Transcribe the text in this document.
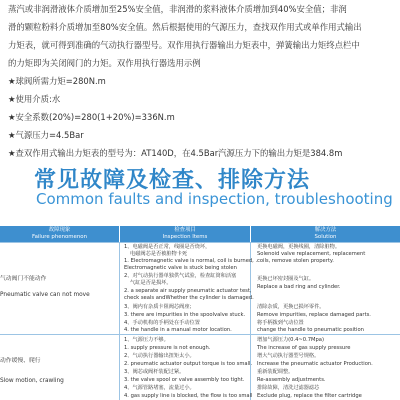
蒸汽或非润滑液体介质增加至25%安全值，非润滑的浆料液体介质增加到40%安全值；非润
滑的颗粒粉料介质增加至80%安全值。然后根据使用的气源压力，查找双作用式或单作用式输出
力矩表，就可得到准确的气动执行器型号。双作用执行器输出力矩表中，弹簧输出力矩终点栏中
的力矩即为关闭阀门的力矩。双作用执行器选用示例
★球阀所需力矩=280N.m
★使用介质:水
★安全系数(20%)=280(1+20%)=336N.m
★气源压力=4.5Bar
★查双作用式输出力矩表的型号为：AT140D，在4.5Bar汽源压力下的输出力矩是384.8m
常见故障及检查、排除方法
Common faults and inspection, troubleshooting
故障现象
Failure phenomenon
检查项目
Inspection Items
解决方法
Solution
气动阀门不能动作
Pneumatic valve can not move
1、电磁阀是否正常，线圈是否烧坏，
电磁阀芯是否被脏物卡死
1. Electromagnetic valve is normal, coil is burned, .
Electromagnetic valve is stuck being stolen
2、对气动执行器单独供气试验，检查缸筒和活塞
气缸是否是损坏。
2. a separate air supply pneumatic actuator test,
check seals andWhether the cylinder is damaged.
3、阀内有杂质卡阻阀芯阀座；
3. there are impurities in the spoolvalve stuck.
4、手动机构的手柄处在手动位置
4. the handle in a manual motor location.
更换电磁阀，更换线圈，清除脏物。
Solenoid valve replacement, replacement
coils, remove stolen property.
更换已坏密封圈及气缸。
Replace a bad ring and cylinder.
清除杂质，更换已损坏零件。
Remove impurities, replace damaged parts.
将手柄拨到气动位置
change the handle to pneumatic position
动作缓慢、爬行
Slow motion, crawling
1、气源压力不够。
1. supply pressure is not enough.
2、气动执行器输出扭矩太小。
2. pneumatic actuator output torque is too small.
3、阀芯或阀杆装配过紧。
3. the valve spool or valve assembly too tight.
4、气源管路堵塞，流量过小。
4. gas supply line is blocked, the flow is too small
增加气源压力(0.4~0.7Mpa)
The increase of gas supply pressure
增大气动执行器型号规格。
Increase the pneumatic actuator Production.
重新装配调整。
Re-assembly adjustments.
排除故障，清洗过滤器滤芯
Exclude plug, replace the filter cartridge
